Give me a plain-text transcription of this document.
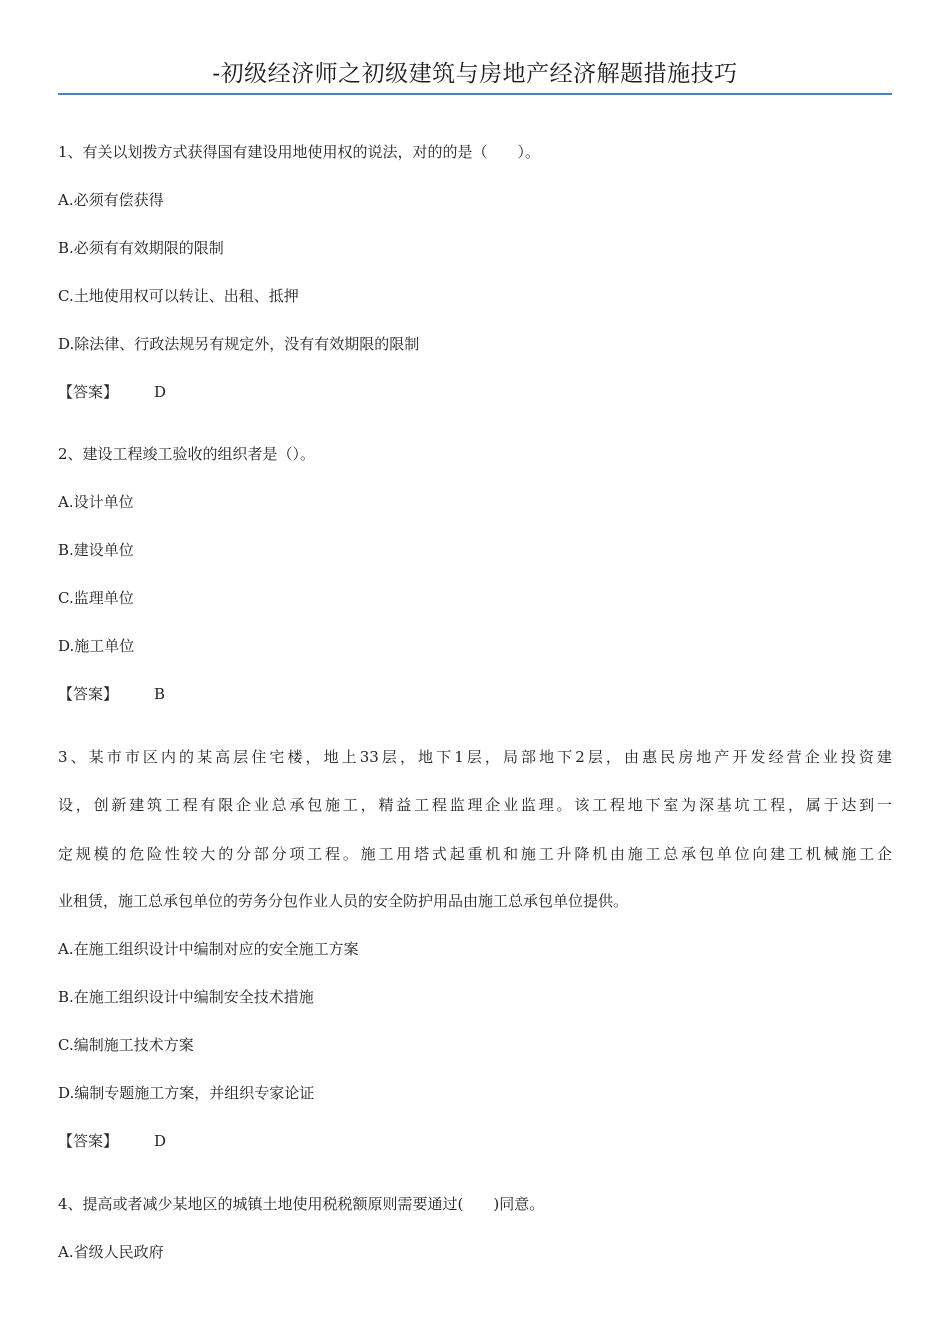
-初级经济师之初级建筑与房地产经济解题措施技巧
1、有关以划拨方式获得国有建设用地使用权的说法，对的的是（　　）。
A.必须有偿获得
B.必须有有效期限的限制
C.土地使用权可以转让、出租、抵押
D.除法律、行政法规另有规定外，没有有效期限的限制
【答案】 D
2、建设工程竣工验收的组织者是（）。
A.设计单位
B.建设单位
C.监理单位
D.施工单位
【答案】 B
3、某市市区内的某高层住宅楼，地上33层，地下1层，局部地下2层，由惠民房地产开发经营企业投资建
设，创新建筑工程有限企业总承包施工，精益工程监理企业监理。该工程地下室为深基坑工程，属于达到一
定规模的危险性较大的分部分项工程。施工用塔式起重机和施工升降机由施工总承包单位向建工机械施工企
业租赁，施工总承包单位的劳务分包作业人员的安全防护用品由施工总承包单位提供。
A.在施工组织设计中编制对应的安全施工方案
B.在施工组织设计中编制安全技术措施
C.编制施工技术方案
D.编制专题施工方案，并组织专家论证
【答案】 D
4、提高或者减少某地区的城镇土地使用税税额原则需要通过(　　)同意。
A.省级人民政府
